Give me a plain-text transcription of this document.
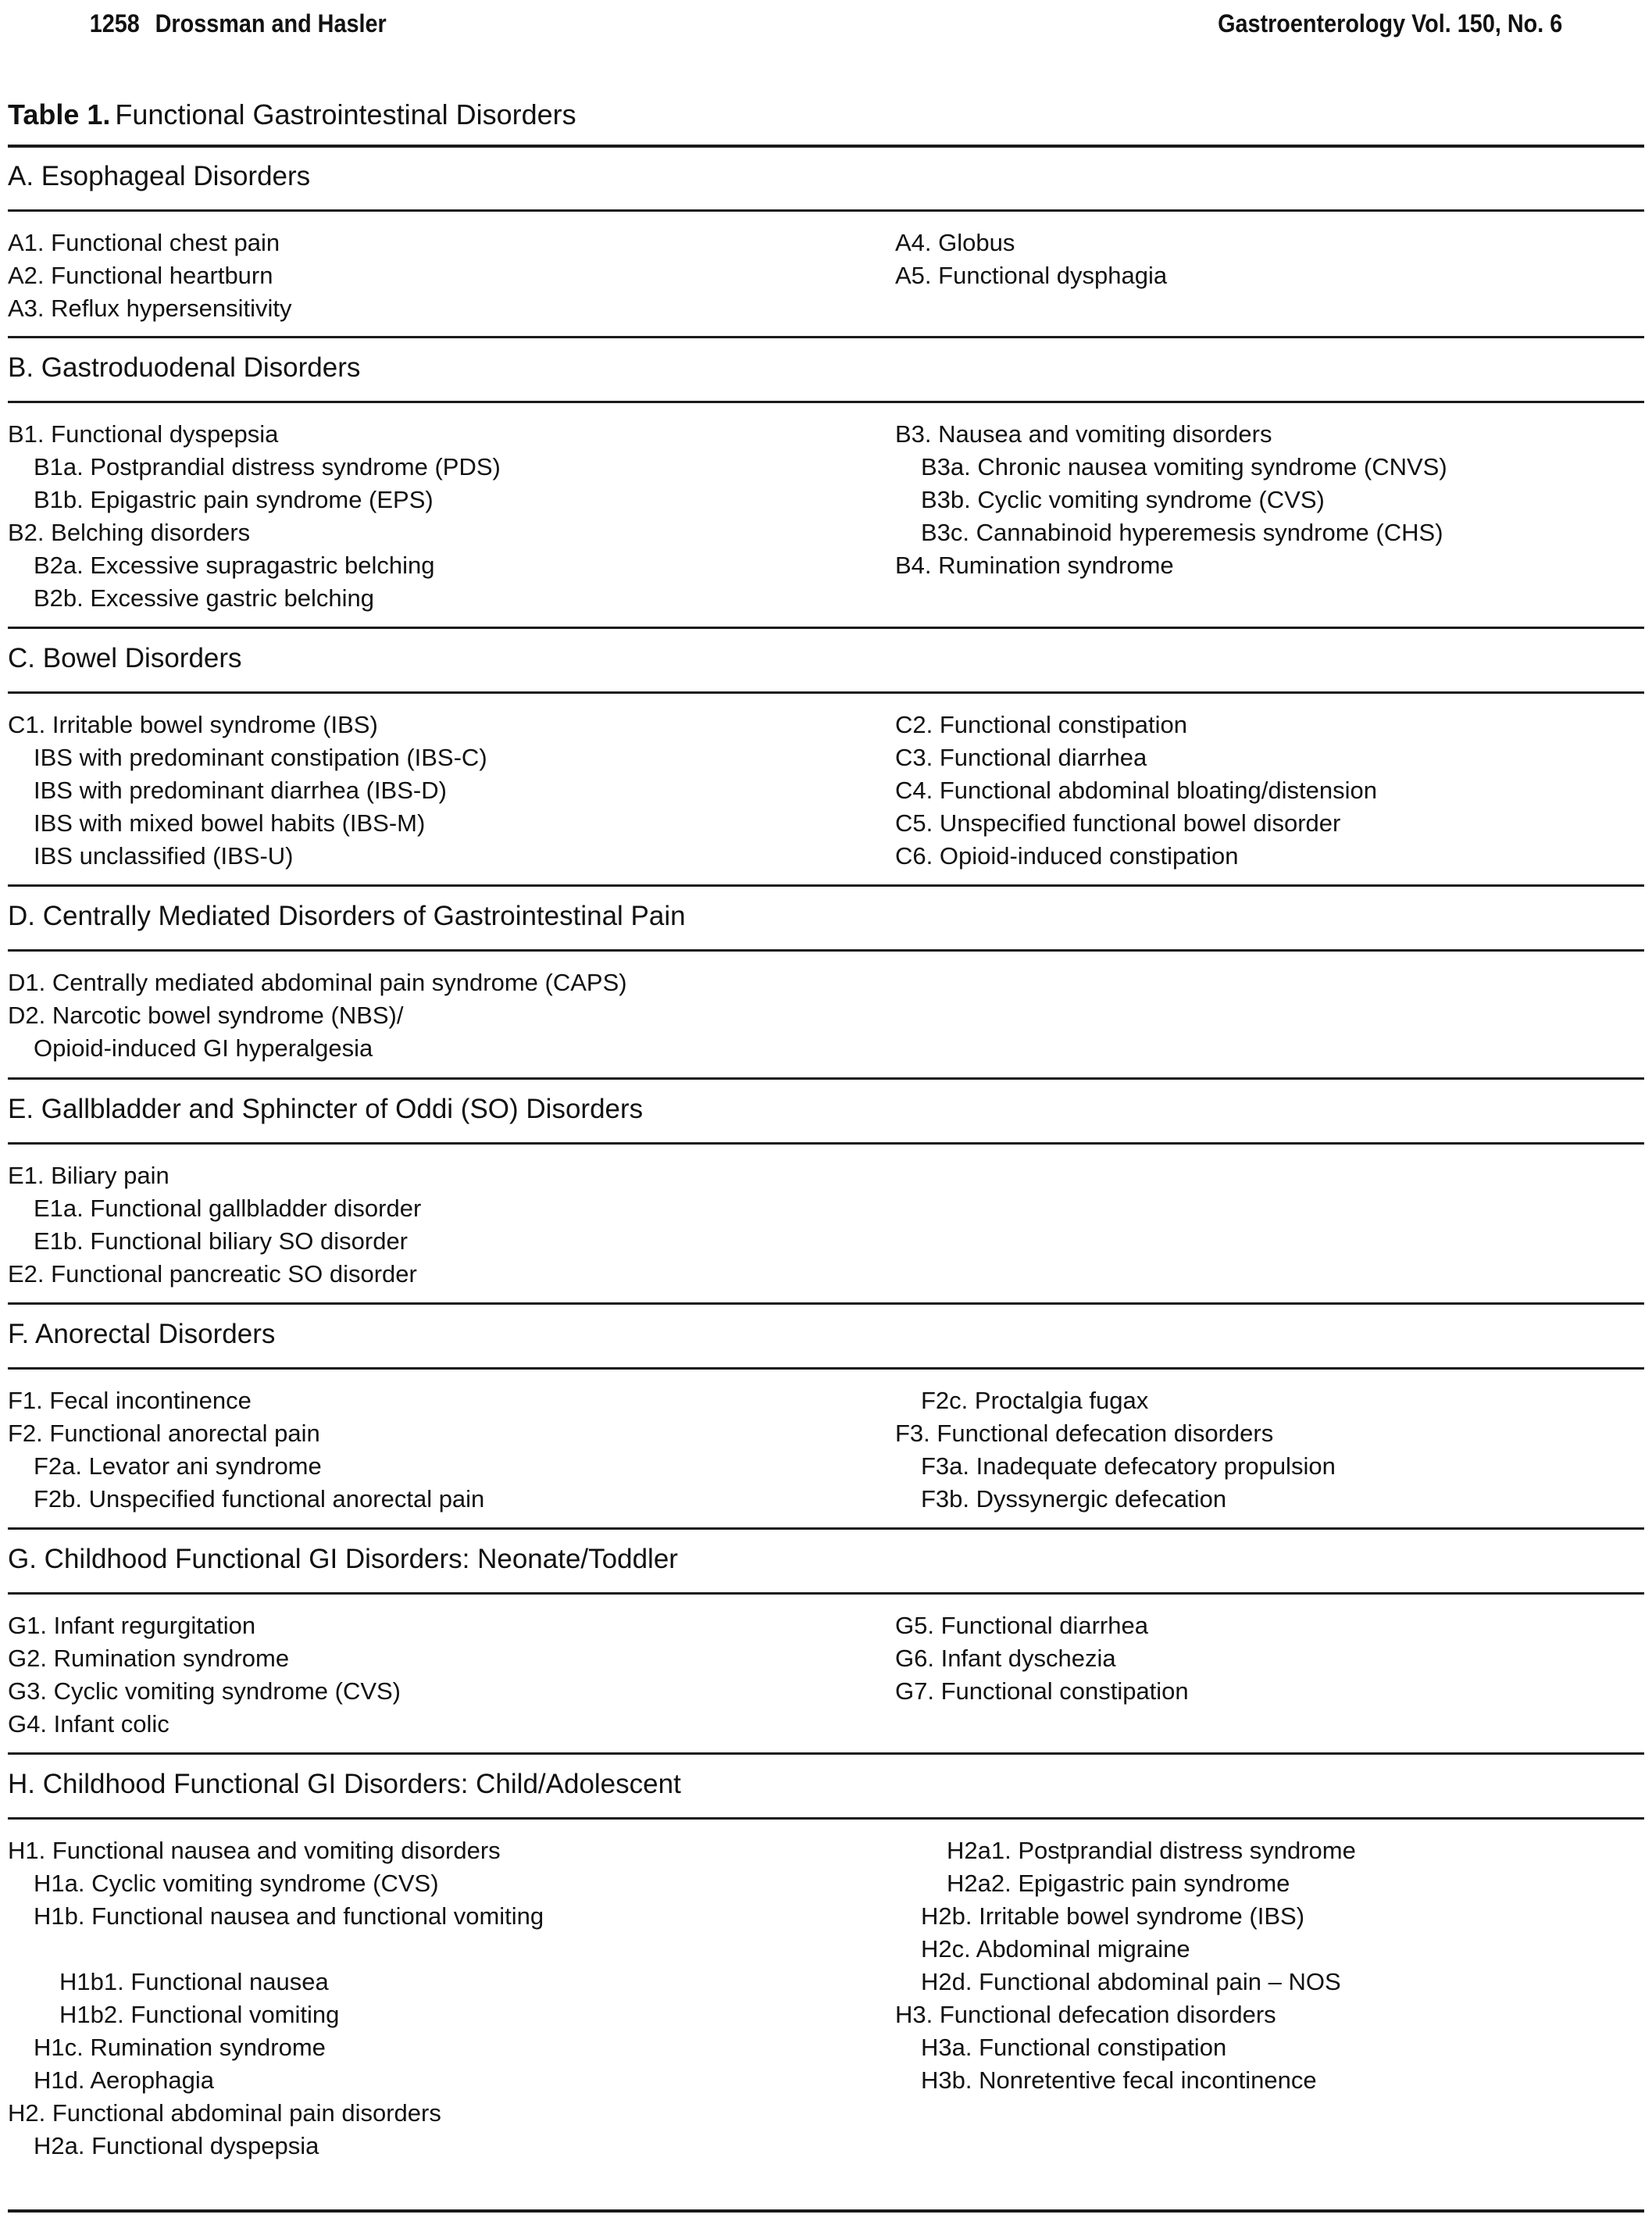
1258 Drossman and Hasler	Gastroenterology Vol. 150, No. 6
Table 1. Functional Gastrointestinal Disorders
A. Esophageal Disorders
A1. Functional chest pain
A2. Functional heartburn
A3. Reflux hypersensitivity
A4. Globus
A5. Functional dysphagia
B. Gastroduodenal Disorders
B1. Functional dyspepsia
B1a. Postprandial distress syndrome (PDS)
B1b. Epigastric pain syndrome (EPS)
B2. Belching disorders
B2a. Excessive supragastric belching
B2b. Excessive gastric belching
B3. Nausea and vomiting disorders
B3a. Chronic nausea vomiting syndrome (CNVS)
B3b. Cyclic vomiting syndrome (CVS)
B3c. Cannabinoid hyperemesis syndrome (CHS)
B4. Rumination syndrome
C. Bowel Disorders
C1. Irritable bowel syndrome (IBS)
IBS with predominant constipation (IBS-C)
IBS with predominant diarrhea (IBS-D)
IBS with mixed bowel habits (IBS-M)
IBS unclassified (IBS-U)
C2. Functional constipation
C3. Functional diarrhea
C4. Functional abdominal bloating/distension
C5. Unspecified functional bowel disorder
C6. Opioid-induced constipation
D. Centrally Mediated Disorders of Gastrointestinal Pain
D1. Centrally mediated abdominal pain syndrome (CAPS)
D2. Narcotic bowel syndrome (NBS)/
Opioid-induced GI hyperalgesia
E. Gallbladder and Sphincter of Oddi (SO) Disorders
E1. Biliary pain
E1a. Functional gallbladder disorder
E1b. Functional biliary SO disorder
E2. Functional pancreatic SO disorder
F. Anorectal Disorders
F1. Fecal incontinence
F2. Functional anorectal pain
F2a. Levator ani syndrome
F2b. Unspecified functional anorectal pain
F2c. Proctalgia fugax
F3. Functional defecation disorders
F3a. Inadequate defecatory propulsion
F3b. Dyssynergic defecation
G. Childhood Functional GI Disorders: Neonate/Toddler
G1. Infant regurgitation
G2. Rumination syndrome
G3. Cyclic vomiting syndrome (CVS)
G4. Infant colic
G5. Functional diarrhea
G6. Infant dyschezia
G7. Functional constipation
H. Childhood Functional GI Disorders: Child/Adolescent
H1. Functional nausea and vomiting disorders
H1a. Cyclic vomiting syndrome (CVS)
H1b. Functional nausea and functional vomiting
H1b1. Functional nausea
H1b2. Functional vomiting
H1c. Rumination syndrome
H1d. Aerophagia
H2. Functional abdominal pain disorders
H2a. Functional dyspepsia
H2a1. Postprandial distress syndrome
H2a2. Epigastric pain syndrome
H2b. Irritable bowel syndrome (IBS)
H2c. Abdominal migraine
H2d. Functional abdominal pain – NOS
H3. Functional defecation disorders
H3a. Functional constipation
H3b. Nonretentive fecal incontinence
